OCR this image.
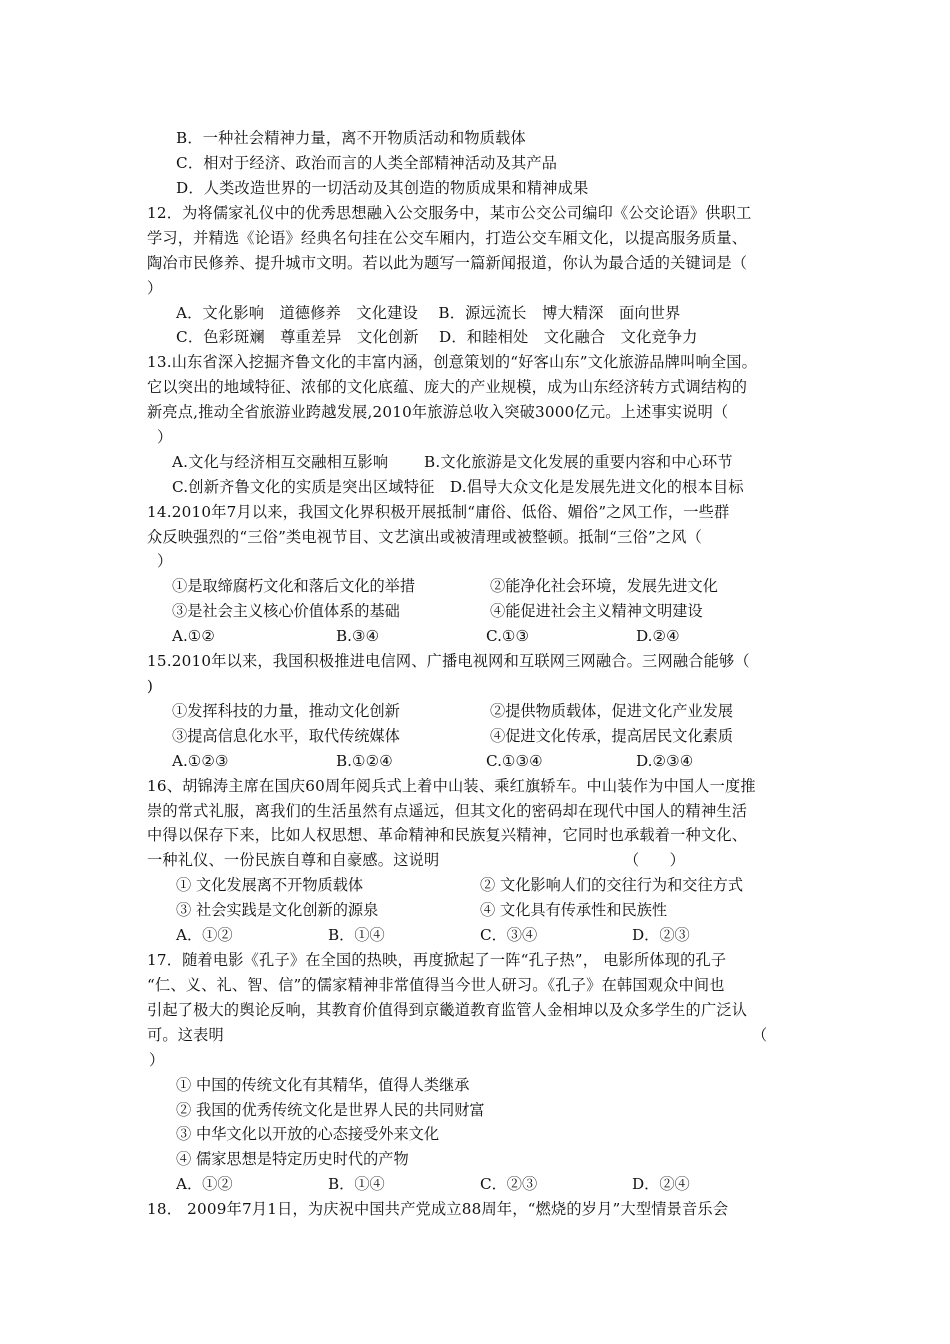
B．一种社会精神力量，离不开物质活动和物质载体
C．相对于经济、政治而言的人类全部精神活动及其产品
D．人类改造世界的一切活动及其创造的物质成果和精神成果
12．为将儒家礼仪中的优秀思想融入公交服务中，某市公交公司编印《公交论语》供职工
学习，并精选《论语》经典名句挂在公交车厢内，打造公交车厢文化，以提高服务质量、
陶冶市民修养、提升城市文明。若以此为题写一篇新闻报道，你认为最合适的关键词是（
）
A．文化影响　道德修养　文化建设　 B．源远流长　博大精深　面向世界
C．色彩斑斓　尊重差异　文化创新　 D．和睦相处　文化融合　文化竞争力
13.山东省深入挖掘齐鲁文化的丰富内涵，创意策划的“好客山东”文化旅游品牌叫响全国。
它以突出的地域特征、浓郁的文化底蕴、庞大的产业规模，成为山东经济转方式调结构的
新亮点,推动全省旅游业跨越发展,2010年旅游总收入突破3000亿元。上述事实说明（
）
A.文化与经济相互交融相互影响　　 B.文化旅游是文化发展的重要内容和中心环节
C.创新齐鲁文化的实质是突出区域特征　D.倡导大众文化是发展先进文化的根本目标
14.2010年7月以来，我国文化界积极开展抵制“庸俗、低俗、媚俗”之风工作，一些群
众反映强烈的“三俗”类电视节目、文艺演出或被清理或被整顿。抵制“三俗”之风（
）
①是取缔腐朽文化和落后文化的举措	②能净化社会环境，发展先进文化
③是社会主义核心价值体系的基础	④能促进社会主义精神文明建设
A.①②	B.③④	C.①③	D.②④
15.2010年以来，我国积极推进电信网、广播电视网和互联网三网融合。三网融合能够（
)
①发挥科技的力量，推动文化创新	②提供物质载体，促进文化产业发展
③提高信息化水平，取代传统媒体	④促进文化传承，提高居民文化素质
A.①②③	B.①②④	C.①③④	D.②③④
16、胡锦涛主席在国庆60周年阅兵式上着中山装、乘红旗轿车。中山装作为中国人一度推
崇的常式礼服，离我们的生活虽然有点遥远，但其文化的密码却在现代中国人的精神生活
中得以保存下来，比如人权思想、革命精神和民族复兴精神，它同时也承载着一种文化、
一种礼仪、一份民族自尊和自豪感。这说明	（　　）
① 文化发展离不开物质载体	② 文化影响人们的交往行为和交往方式
③ 社会实践是文化创新的源泉	④ 文化具有传承性和民族性
A．①②	B．①④	C．③④	D．②③
17．随着电影《孔子》在全国的热映，再度掀起了一阵“孔子热”， 电影所体现的孔子
“仁、义、礼、智、信”的儒家精神非常值得当今世人研习。《孔子》在韩国观众中间也
引起了极大的舆论反响，其教育价值得到京畿道教育监管人金相坤以及众多学生的广泛认
可。这表明	（
）
① 中国的传统文化有其精华，值得人类继承
② 我国的优秀传统文化是世界人民的共同财富
③ 中华文化以开放的心态接受外来文化
④ 儒家思想是特定历史时代的产物
A．①②	B．①④	C．②③	D．②④
18． 2009年7月1日，为庆祝中国共产党成立88周年，“燃烧的岁月”大型情景音乐会
